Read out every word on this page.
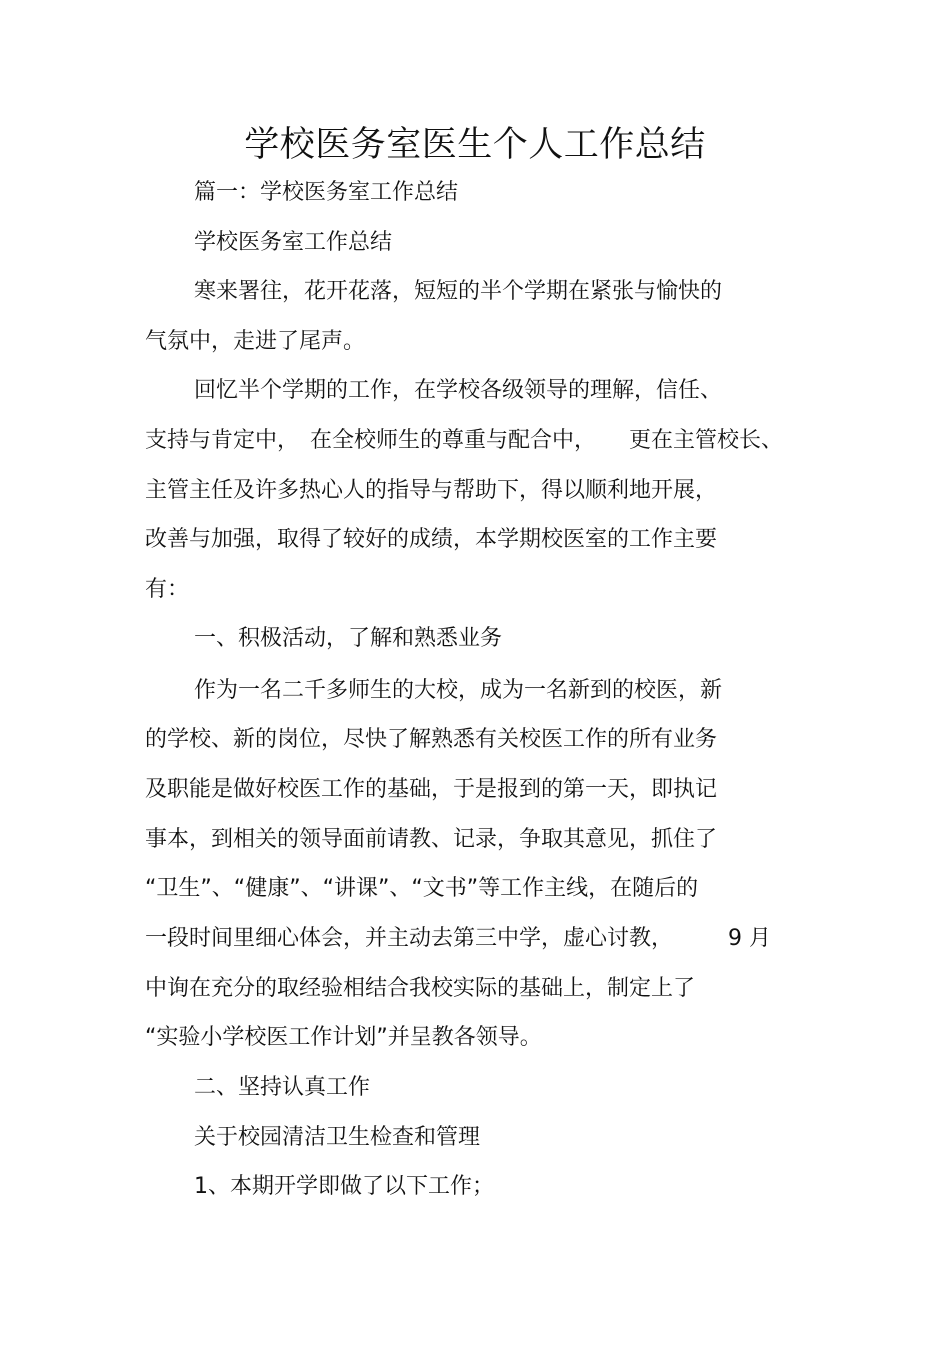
学校医务室医生个人工作总结
篇一：学校医务室工作总结
学校医务室工作总结
寒来署往，花开花落，短短的半个学期在紧张与愉快的
气氛中，走进了尾声。
回忆半个学期的工作，在学校各级领导的理解，信任、
支持与肯定中，　在全校师生的尊重与配合中，　　更在主管校长、
主管主任及许多热心人的指导与帮助下，得以顺利地开展，
改善与加强，取得了较好的成绩，本学期校医室的工作主要
有：
一、积极活动，了解和熟悉业务
作为一名二千多师生的大校，成为一名新到的校医，新
的学校、新的岗位，尽快了解熟悉有关校医工作的所有业务
及职能是做好校医工作的基础，于是报到的第一天，即执记
事本，到相关的领导面前请教、记录，争取其意见，抓住了
“卫生”、“健康”、“讲课”、“文书”等工作主线，在随后的
一段时间里细心体会，并主动去第三中学，虚心讨教，　　　9 月
中询在充分的取经验相结合我校实际的基础上，制定上了
“实验小学校医工作计划”并呈教各领导。
二、坚持认真工作
关于校园清洁卫生检查和管理
1、本期开学即做了以下工作；
